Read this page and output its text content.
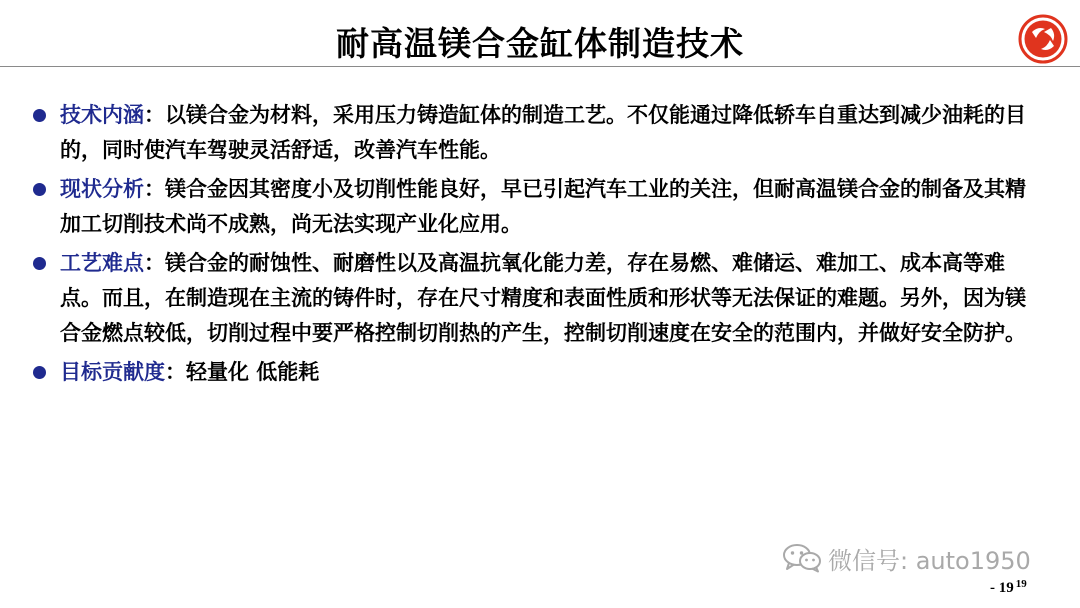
耐高温镁合金缸体制造技术
技术内涵：以镁合金为材料，采用压力铸造缸体的制造工艺。不仅能通过降低轿车自重达到减少油耗的目的，同时使汽车驾驶灵活舒适，改善汽车性能。
现状分析：镁合金因其密度小及切削性能良好，早已引起汽车工业的关注，但耐高温镁合金的制备及其精加工切削技术尚不成熟，尚无法实现产业化应用。
工艺难点：镁合金的耐蚀性、耐磨性以及高温抗氧化能力差，存在易燃、难储运、难加工、成本高等难点。而且，在制造现在主流的铸件时，存在尺寸精度和表面性质和形状等无法保证的难题。另外，因为镁合金燃点较低，切削过程中要严格控制切削热的产生，控制切削速度在安全的范围内，并做好安全防护。
目标贡献度：轻量化 低能耗
微信号: auto1950
- 19 $^{19}$
